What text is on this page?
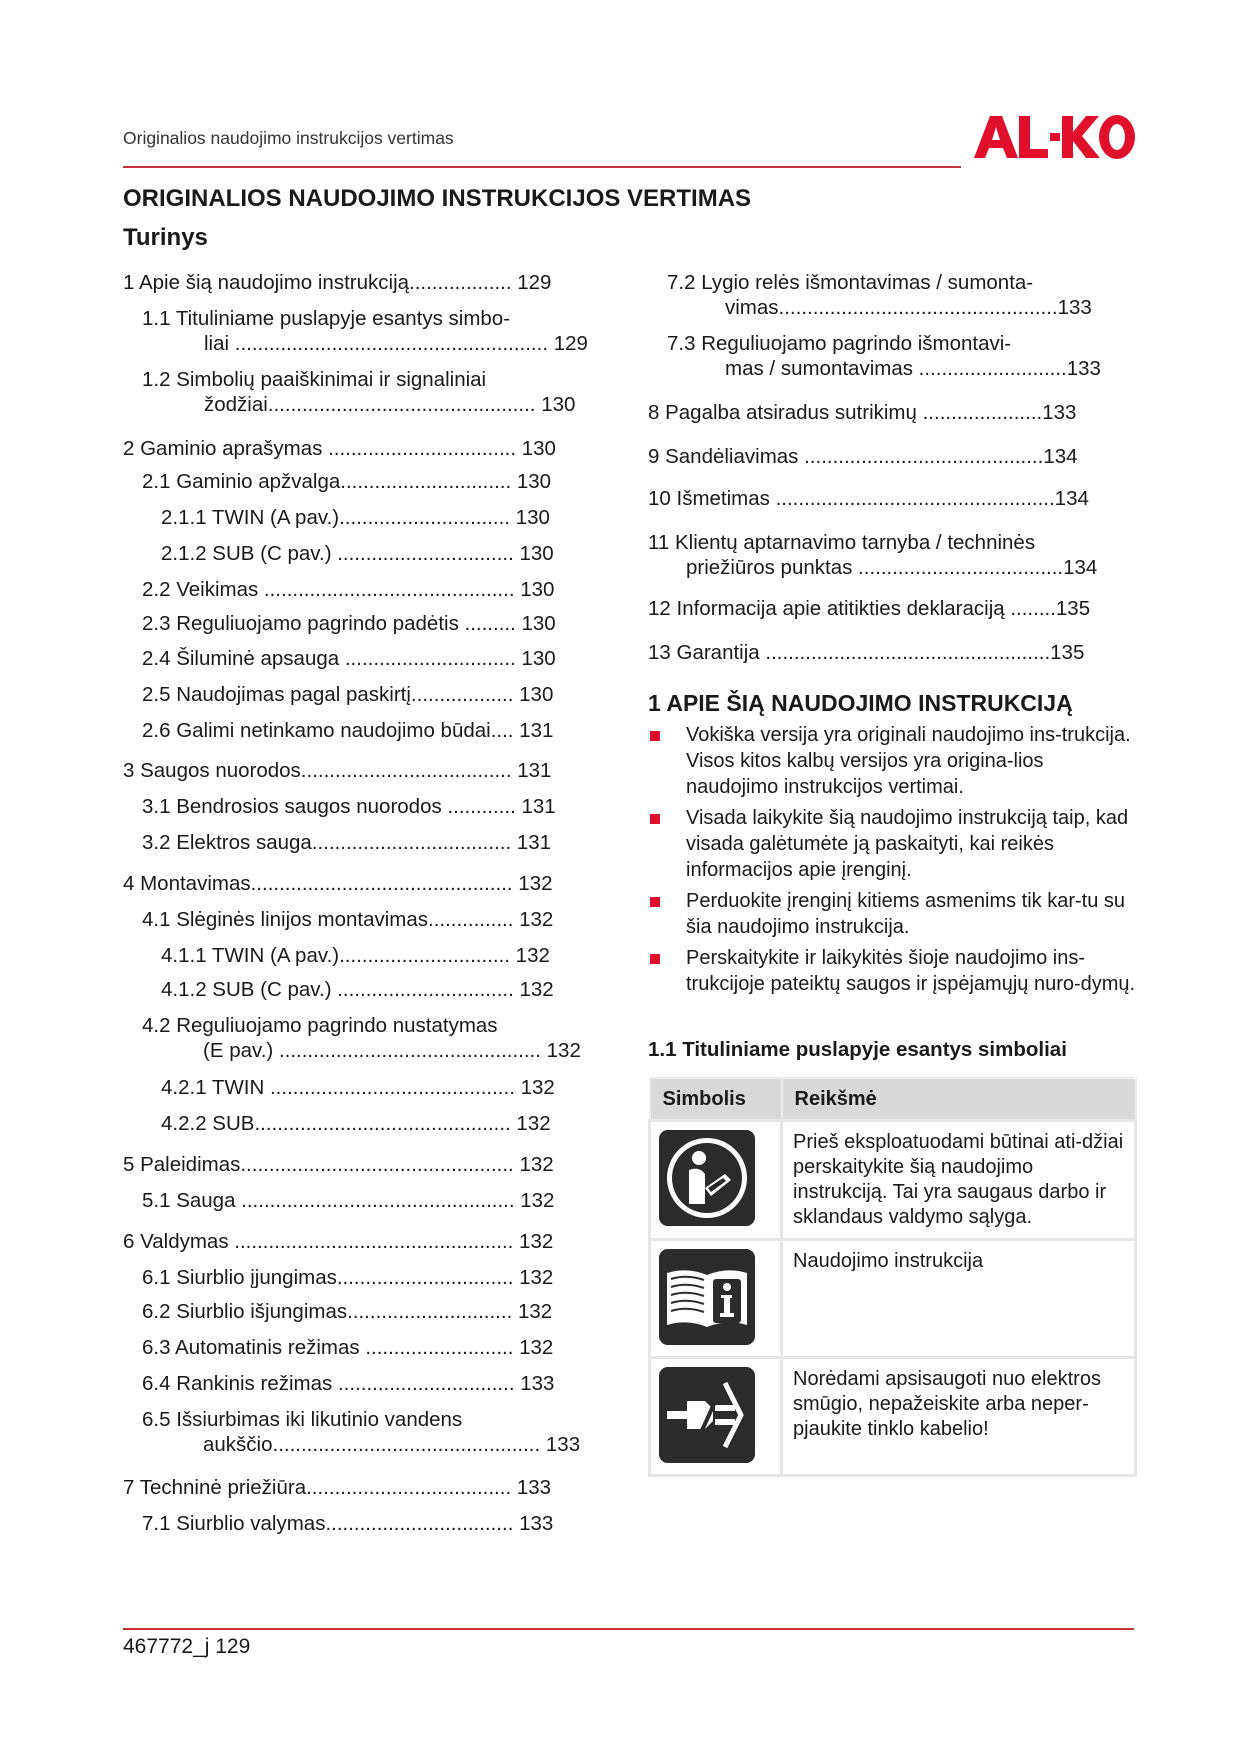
Originalios naudojimo instrukcijos vertimas
ORIGINALIOS NAUDOJIMO INSTRUKCIJOS VERTIMAS
Turinys
1 Apie šią naudojimo instrukciją.................. 129
1.1 Tituliniame puslapyje esantys simbo-
liai ....................................................... 129
1.2 Simbolių paaiškinimai ir signaliniai
žodžiai............................................... 130
2 Gaminio aprašymas ................................. 130
2.1 Gaminio apžvalga.............................. 130
2.1.1 TWIN (A pav.).............................. 130
2.1.2 SUB (C pav.) ............................... 130
2.2 Veikimas ............................................ 130
2.3 Reguliuojamo pagrindo padėtis ......... 130
2.4 Šiluminė apsauga .............................. 130
2.5 Naudojimas pagal paskirtį.................. 130
2.6 Galimi netinkamo naudojimo būdai.... 131
3 Saugos nuorodos..................................... 131
3.1 Bendrosios saugos nuorodos ............ 131
3.2 Elektros sauga................................... 131
4 Montavimas.............................................. 132
4.1 Slėginės linijos montavimas............... 132
4.1.1 TWIN (A pav.).............................. 132
4.1.2 SUB (C pav.) ............................... 132
4.2 Reguliuojamo pagrindo nustatymas
(E pav.) .............................................. 132
4.2.1 TWIN ........................................... 132
4.2.2 SUB............................................. 132
5 Paleidimas................................................ 132
5.1 Sauga ................................................ 132
6 Valdymas ................................................. 132
6.1 Siurblio įjungimas............................... 132
6.2 Siurblio išjungimas............................. 132
6.3 Automatinis režimas .......................... 132
6.4 Rankinis režimas ............................... 133
6.5 Išsiurbimas iki likutinio vandens
aukščio............................................... 133
7 Techninė priežiūra.................................... 133
7.1 Siurblio valymas................................. 133
7.2 Lygio relės išmontavimas / sumonta-
vimas.................................................133
7.3 Reguliuojamo pagrindo išmontavi-
mas / sumontavimas ..........................133
8 Pagalba atsiradus sutrikimų .....................133
9 Sandėliavimas ..........................................134
10 Išmetimas .................................................134
11 Klientų aptarnavimo tarnyba / techninės
priežiūros punktas ....................................134
12 Informacija apie atitikties deklaraciją ........135
13 Garantija ..................................................135
1 APIE ŠIĄ NAUDOJIMO INSTRUKCIJĄ
Vokiška versija yra originali naudojimo ins-trukcija. Visos kitos kalbų versijos yra origina-lios naudojimo instrukcijos vertimai.
Visada laikykite šią naudojimo instrukciją taip, kad visada galėtumėte ją paskaityti, kai reikės informacijos apie įrenginį.
Perduokite įrenginį kitiems asmenims tik kar-tu su šia naudojimo instrukcija.
Perskaitykite ir laikykitės šioje naudojimo ins-trukcijoje pateiktų saugos ir įspėjamųjų nuro-dymų.
1.1 Tituliniame puslapyje esantys simboliai
Simbolis	Reikšmė

	Prieš eksploatuodami būtinai ati-džiai perskaitykite šią naudojimo instrukciją. Tai yra saugaus darbo ir sklandaus valdymo sąlyga.

	Naudojimo instrukcija

	Norėdami apsisaugoti nuo elektros smūgio, nepažeiskite arba neper-pjaukite tinklo kabelio!
467772_j 129
